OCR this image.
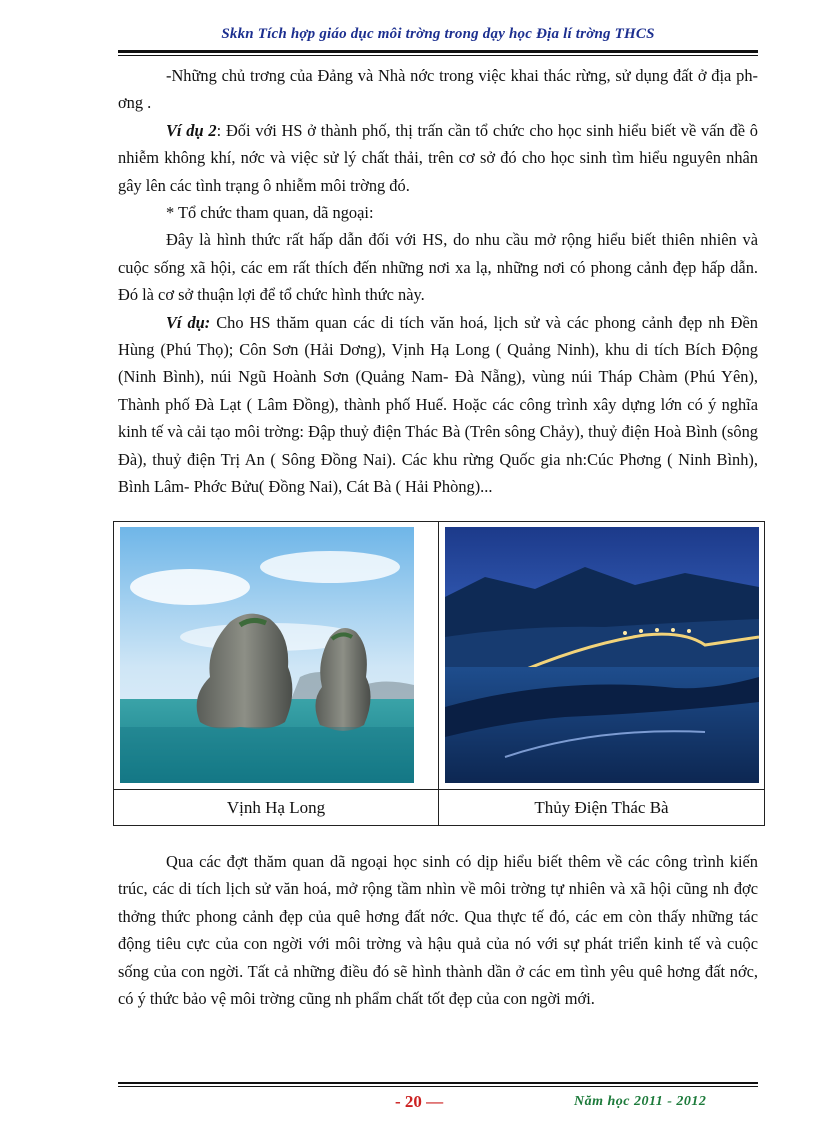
Skkn Tích hợp giáo dục môi trờng trong dạy học Địa lí trờng THCS

-Những chủ trơng của Đảng và Nhà nớc trong việc khai thác rừng, sử dụng đất ở địa phơng .

Ví dụ 2: Đối với HS ở thành phố, thị trấn cần tổ chức cho học sinh hiểu biết về vấn đề ô nhiễm không khí, nớc và việc sử lý chất thải, trên cơ sở đó cho học sinh tìm hiểu nguyên nhân gây lên các tình trạng ô nhiễm môi trờng đó.

* Tổ chức tham quan, dã ngoại:

Đây là hình thức rất hấp dẫn đối với HS, do nhu cầu mở rộng hiểu biết thiên nhiên và cuộc sống xã hội, các em rất thích đến những nơi xa lạ, những nơi có phong cảnh đẹp hấp dẫn. Đó là cơ sở thuận lợi để tổ chức hình thức này.

Ví dụ: Cho HS thăm quan các di tích văn hoá, lịch sử và các phong cảnh đẹp nh Đền Hùng (Phú Thọ); Côn Sơn (Hải Dơng), Vịnh Hạ Long ( Quảng Ninh), khu di tích Bích Động (Ninh Bình), núi Ngũ Hoành Sơn (Quảng Nam- Đà Nẵng), vùng núi Tháp Chàm (Phú Yên), Thành phố Đà Lạt ( Lâm Đồng), thành phố Huế. Hoặc các công trình xây dựng lớn có ý nghĩa kinh tế và cải tạo môi trờng: Đập thuỷ điện Thác Bà (Trên sông Chảy), thuỷ điện Hoà Bình (sông Đà), thuỷ điện Trị An ( Sông Đồng Nai). Các khu rừng Quốc gia nh:Cúc Phơng ( Ninh Bình), Bình Lâm- Phớc Bửu( Đồng Nai), Cát Bà ( Hải Phòng)...

Vịnh Hạ Long	Thủy Điện Thác Bà

Qua các đợt thăm quan dã ngoại học sinh có dịp hiểu biết thêm về các công trình kiến trúc, các di tích lịch sử văn hoá, mở rộng tầm nhìn về môi trờng tự nhiên và xã hội cũng nh đợc thởng thức phong cảnh đẹp của quê hơng đất nớc. Qua thực tế đó, các em còn thấy những tác động tiêu cực của con ngời với môi trờng và hậu quả của nó với sự phát triển kinh tế và cuộc sống của con ngời. Tất cả những điều đó sẽ hình thành dần ở các em tình yêu quê hơng đất nớc, có ý thức bảo vệ môi trờng cũng nh phẩm chất tốt đẹp của con ngời mới.

- 20 —	Năm học 2011 - 2012
